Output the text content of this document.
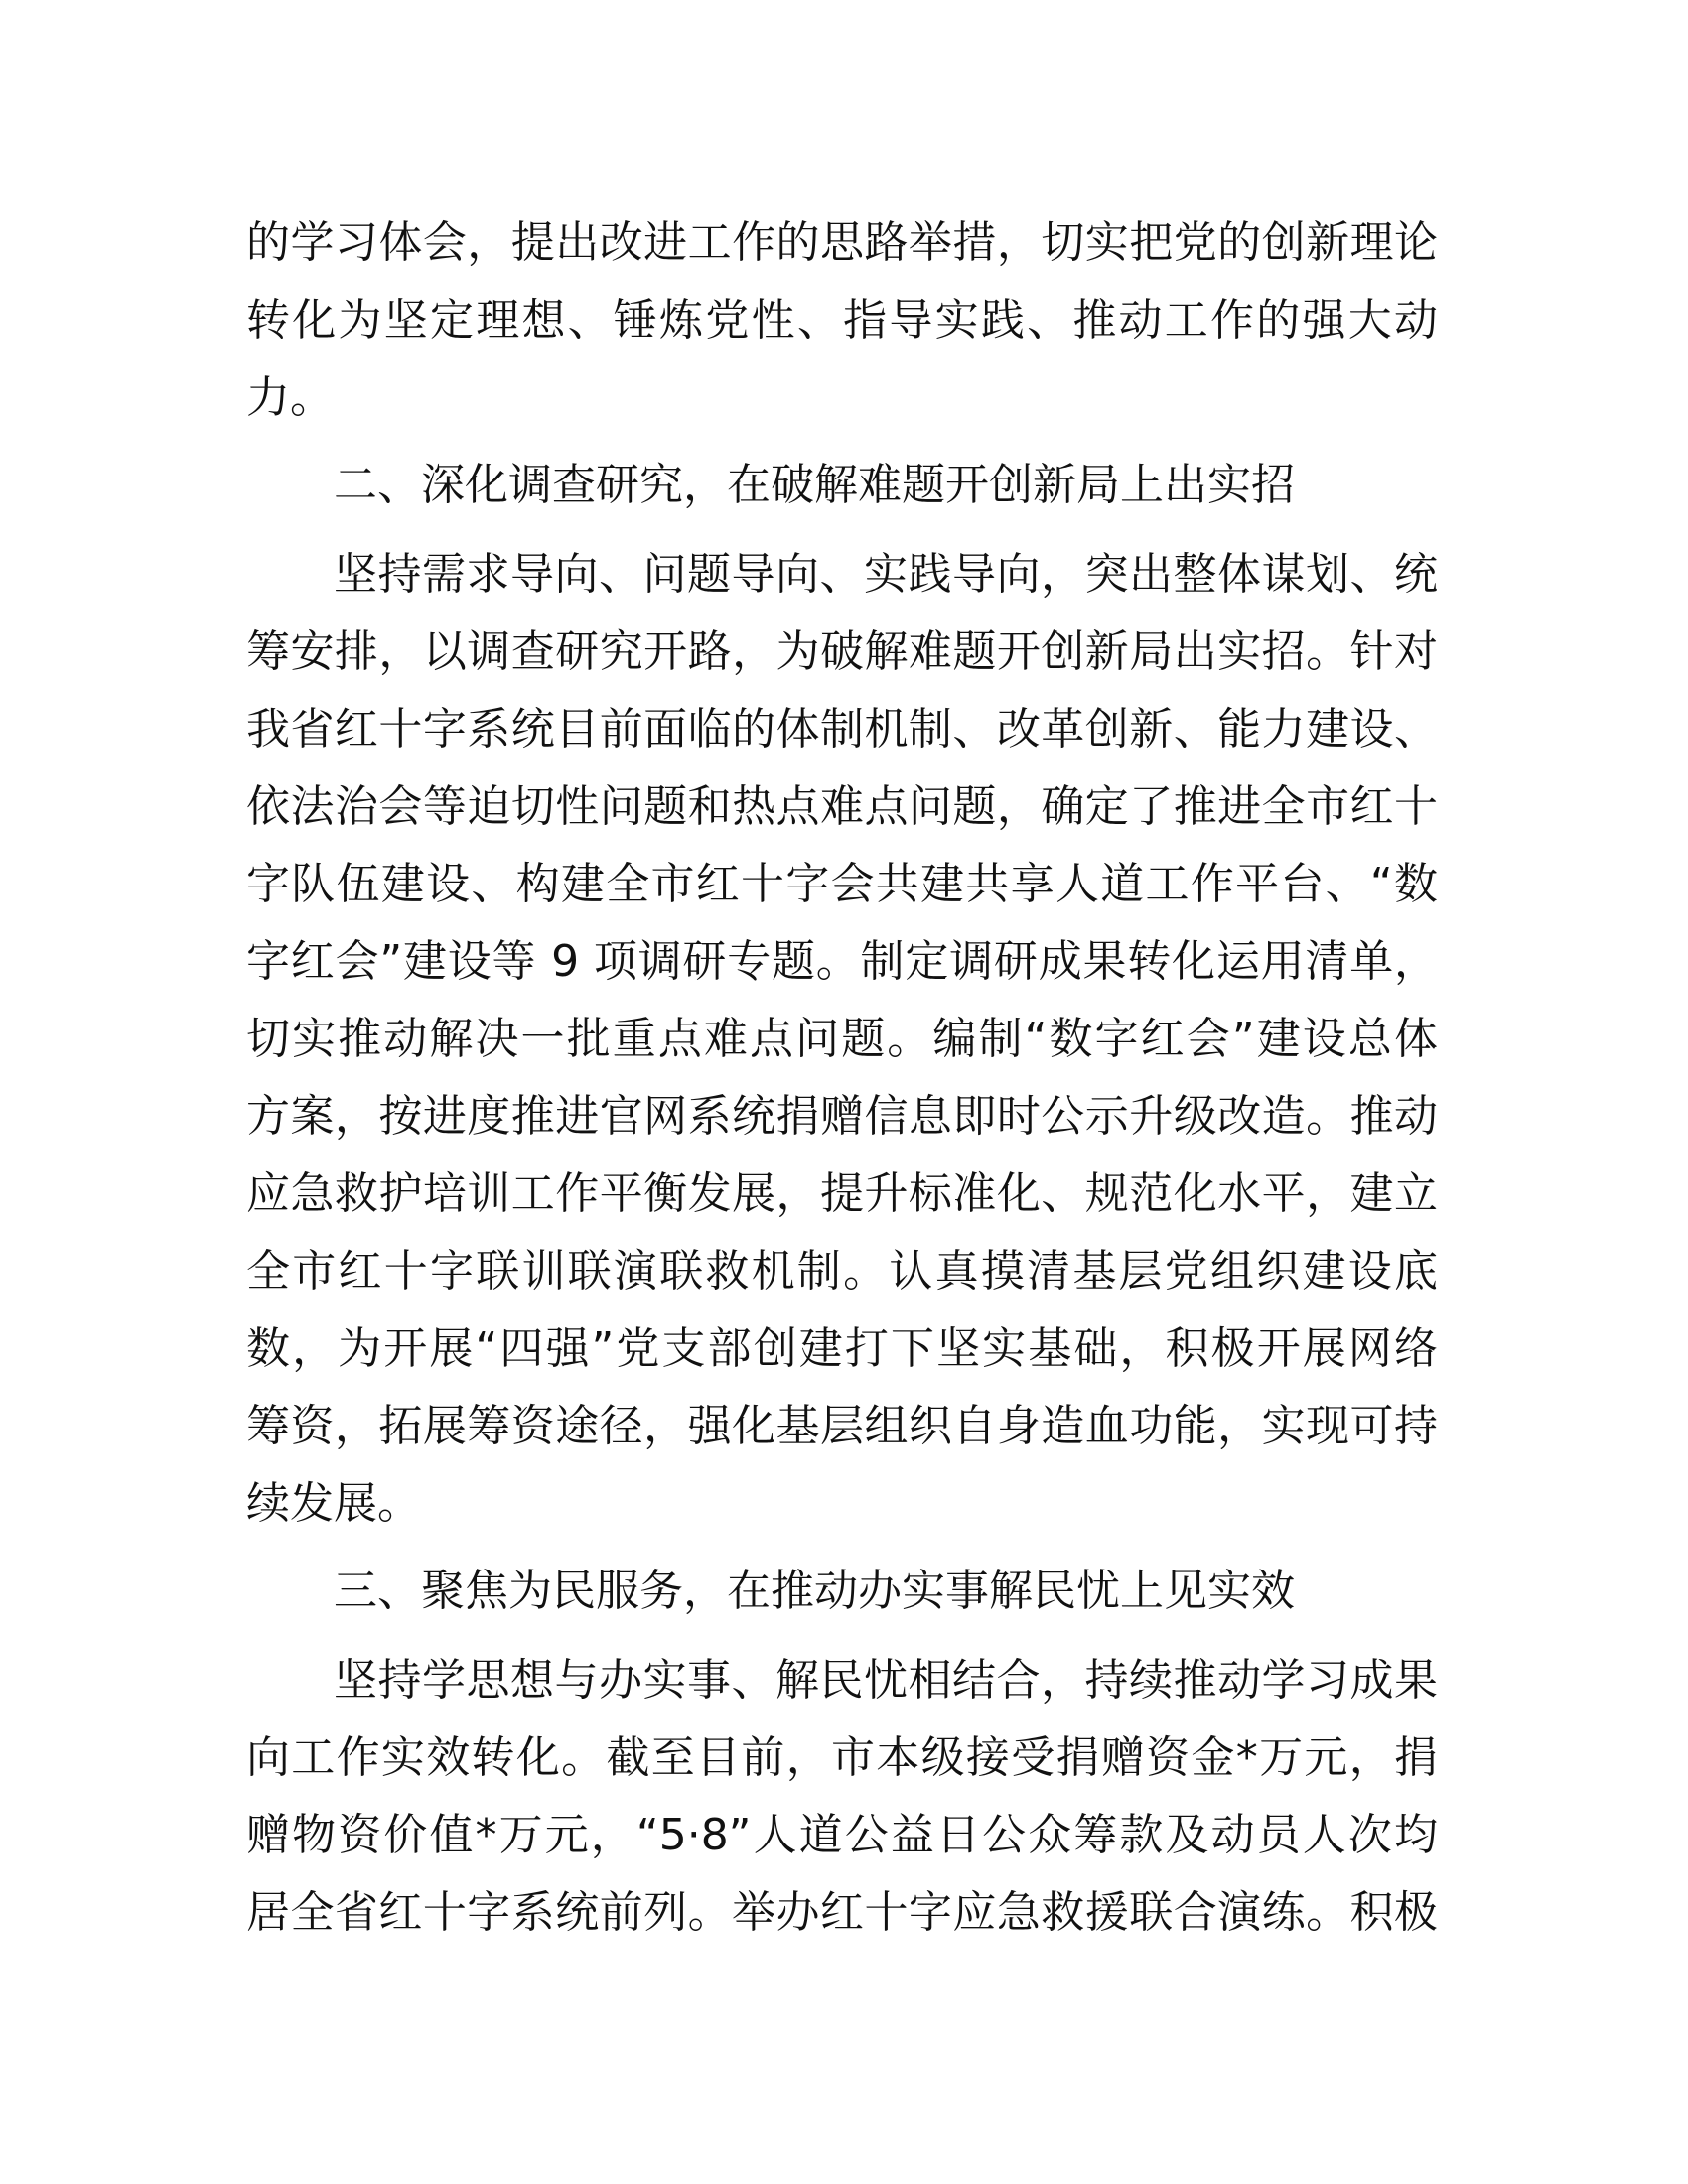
的学习体会，提出改进工作的思路举措，切实把党的创新理论
转化为坚定理想、锤炼党性、指导实践、推动工作的强大动
力。
二、深化调查研究，在破解难题开创新局上出实招
坚持需求导向、问题导向、实践导向，突出整体谋划、统
筹安排，以调查研究开路，为破解难题开创新局出实招。针对
我省红十字系统目前面临的体制机制、改革创新、能力建设、
依法治会等迫切性问题和热点难点问题，确定了推进全市红十
字队伍建设、构建全市红十字会共建共享人道工作平台、“数
字红会”建设等 9 项调研专题。制定调研成果转化运用清单，
切实推动解决一批重点难点问题。编制“数字红会”建设总体
方案，按进度推进官网系统捐赠信息即时公示升级改造。推动
应急救护培训工作平衡发展，提升标准化、规范化水平，建立
全市红十字联训联演联救机制。认真摸清基层党组织建设底
数，为开展“四强”党支部创建打下坚实基础，积极开展网络
筹资，拓展筹资途径，强化基层组织自身造血功能，实现可持
续发展。
三、聚焦为民服务，在推动办实事解民忧上见实效
坚持学思想与办实事、解民忧相结合，持续推动学习成果
向工作实效转化。截至目前，市本级接受捐赠资金*万元，捐
赠物资价值*万元，“5·8”人道公益日公众筹款及动员人次均
居全省红十字系统前列。举办红十字应急救援联合演练。积极
